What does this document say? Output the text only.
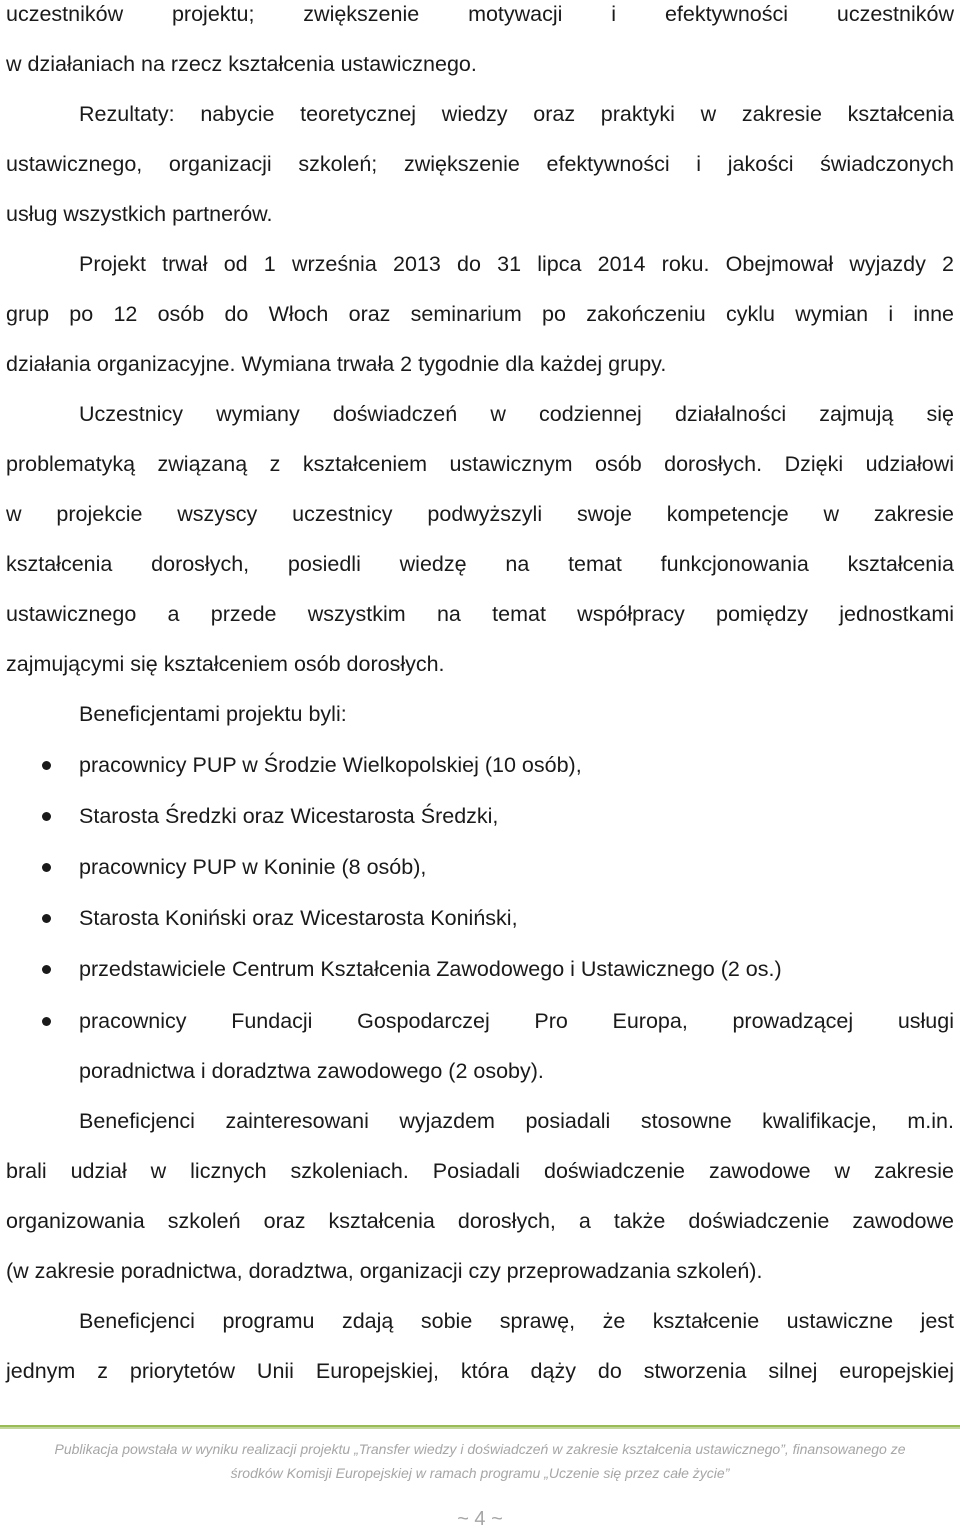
uczestników projektu; zwiększenie motywacji i efektywności uczestników
w działaniach na rzecz kształcenia ustawicznego.
Rezultaty: nabycie teoretycznej wiedzy oraz praktyki w zakresie kształcenia
ustawicznego, organizacji szkoleń; zwiększenie efektywności i jakości świadczonych
usług wszystkich partnerów.
Projekt trwał od 1 września 2013 do 31 lipca 2014 roku. Obejmował wyjazdy 2
grup po 12 osób do Włoch oraz seminarium po zakończeniu cyklu wymian i inne
działania organizacyjne. Wymiana trwała 2 tygodnie dla każdej grupy.
Uczestnicy wymiany doświadczeń w codziennej działalności zajmują się
problematyką związaną z kształceniem ustawicznym osób dorosłych. Dzięki udziałowi
w projekcie wszyscy uczestnicy podwyższyli swoje kompetencje w zakresie
kształcenia dorosłych, posiedli wiedzę na temat funkcjonowania kształcenia
ustawicznego a przede wszystkim na temat współpracy pomiędzy jednostkami
zajmującymi się kształceniem osób dorosłych.
Beneficjentami projektu byli:
pracownicy PUP w Środzie Wielkopolskiej (10 osób),
Starosta Średzki oraz Wicestarosta Średzki,
pracownicy PUP w Koninie (8 osób),
Starosta Koniński oraz Wicestarosta Koniński,
przedstawiciele Centrum Kształcenia Zawodowego i Ustawicznego (2 os.)
pracownicy Fundacji Gospodarczej Pro Europa, prowadzącej usługi
poradnictwa i doradztwa zawodowego (2 osoby).
Beneficjenci zainteresowani wyjazdem posiadali stosowne kwalifikacje, m.in.
brali udział w licznych szkoleniach. Posiadali doświadczenie zawodowe w zakresie
organizowania szkoleń oraz kształcenia dorosłych, a także doświadczenie zawodowe
(w zakresie poradnictwa, doradztwa, organizacji czy przeprowadzania szkoleń).
Beneficjenci programu zdają sobie sprawę, że kształcenie ustawiczne jest
jednym z priorytetów Unii Europejskiej, która dąży do stworzenia silnej europejskiej
Publikacja powstała w wyniku realizacji projektu „Transfer wiedzy i doświadczeń w zakresie kształcenia ustawicznego”, finansowanego ze
środków Komisji Europejskiej w ramach programu „Uczenie się przez całe życie”
~ 4 ~
